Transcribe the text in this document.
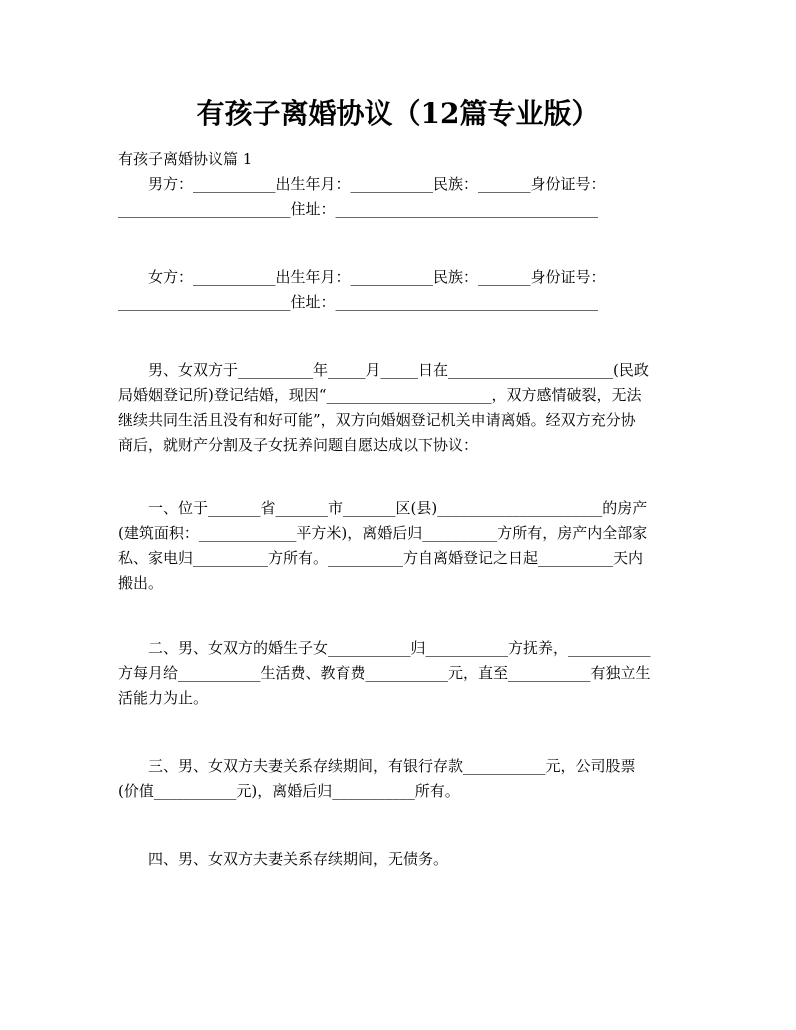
有孩子离婚协议（12篇专业版）
有孩子离婚协议篇 1
男方：___________出生年月：___________民族：_______身份证号：
_______________________住址：___________________________________
女方：___________出生年月：___________民族：_______身份证号：
_______________________住址：___________________________________
男、女双方于__________年_____月_____日在______________________(民政
局婚姻登记所)登记结婚，现因“______________________，双方感情破裂，无法
继续共同生活且没有和好可能”，双方向婚姻登记机关申请离婚。经双方充分协
商后，就财产分割及子女抚养问题自愿达成以下协议：
一、位于_______省_______市_______区(县)______________________的房产
(建筑面积：_____________平方米)，离婚后归__________方所有，房产内全部家
私、家电归__________方所有。__________方自离婚登记之日起__________天内
搬出。
二、男、女双方的婚生子女___________归___________方抚养，___________
方每月给___________生活费、教育费___________元，直至___________有独立生
活能力为止。
三、男、女双方夫妻关系存续期间，有银行存款___________元，公司股票
(价值___________元)，离婚后归___________所有。
四、男、女双方夫妻关系存续期间，无债务。
